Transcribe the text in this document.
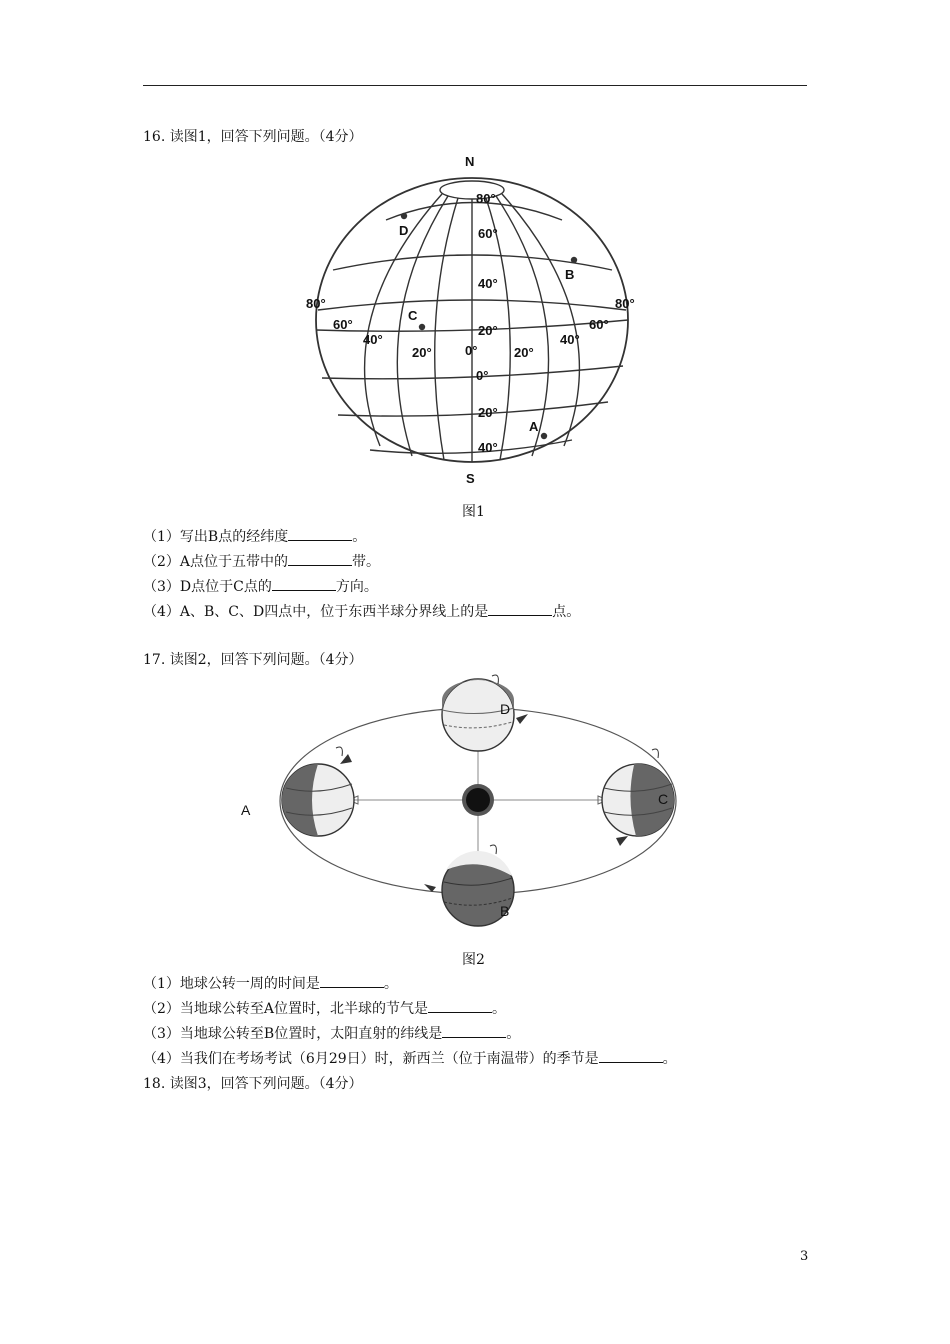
16. 读图1，回答下列问题。（4分）
N
S
80°
60°
40°
20°
0°
20°
40°
80°
60°
40°
20°	0°	20°
40°
60°
80°
D
B
C
A
图1
（1）写出B点的经纬度	。
（2）A点位于五带中的	带。
（3）D点位于C点的	方向。
（4）A、B、C、D四点中，位于东西半球分界线上的是	点。
17. 读图2，回答下列问题。（4分）
D
A
C
B
图2
（1）地球公转一周的时间是	。
（2）当地球公转至A位置时，北半球的节气是	。
（3）当地球公转至B位置时，太阳直射的纬线是	。
（4）当我们在考场考试（6月29日）时，新西兰（位于南温带）的季节是	。
18. 读图3，回答下列问题。（4分）
3
